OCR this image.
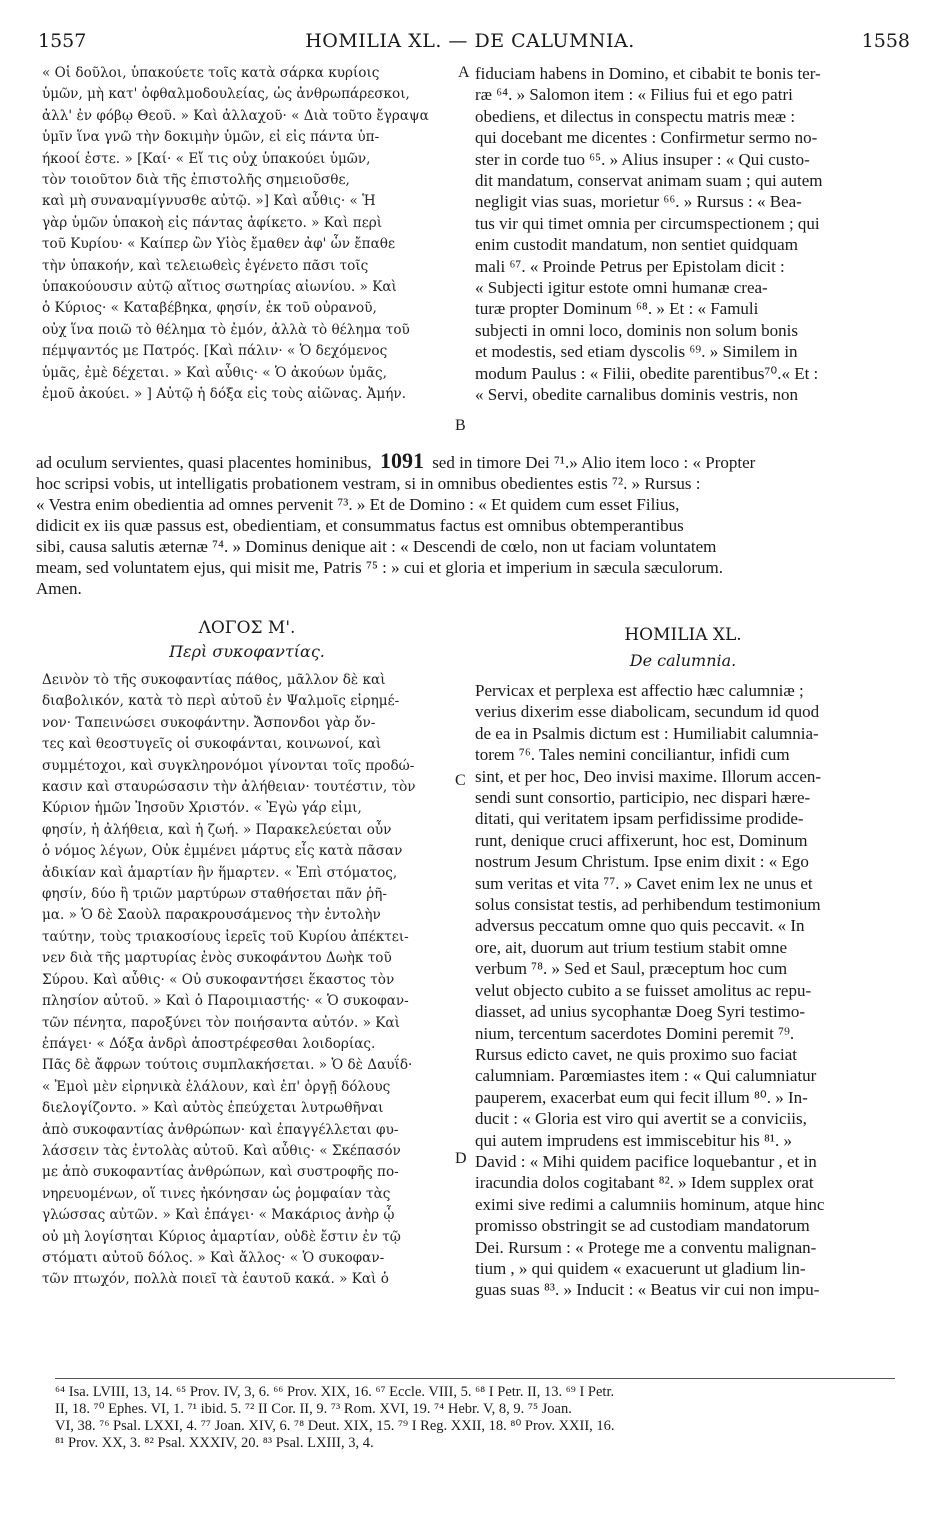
1557	HOMILIA XL. — DE CALUMNIA.	1558
« Οἱ δοῦλοι, ὑπακούετε τοῖς κατὰ σάρκα κυρίοις
ὑμῶν, μὴ κατ' ὀφθαλμοδουλείας, ὡς ἀνθρωπάρεσκοι,
ἀλλ' ἐν φόβῳ Θεοῦ. » Καὶ ἀλλαχοῦ· « Διὰ τοῦτο ἔγραψα
ὑμῖν ἵνα γνῶ τὴν δοκιμὴν ὑμῶν, εἰ εἰς πάντα ὑπ-
ήκοοί ἐστε. » [Καί· « Εἴ τις οὐχ ὑπακούει ὑμῶν,
τὸν τοιοῦτον διὰ τῆς ἐπιστολῆς σημειοῦσθε,
καὶ μὴ συναναμίγνυσθε αὐτῷ. »] Καὶ αὖθις· « Ἡ
γὰρ ὑμῶν ὑπακοὴ εἰς πάντας ἀφίκετο. » Καὶ περὶ
τοῦ Κυρίου· « Καίπερ ὢν Υἱὸς ἔμαθεν ἀφ' ὧν ἔπαθε
τὴν ὑπακοήν, καὶ τελειωθεὶς ἐγένετο πᾶσι τοῖς
ὑπακούουσιν αὐτῷ αἴτιος σωτηρίας αἰωνίου. » Καὶ
ὁ Κύριος· « Καταβέβηκα, φησίν, ἐκ τοῦ οὐρανοῦ,
οὐχ ἵνα ποιῶ τὸ θέλημα τὸ ἐμόν, ἀλλὰ τὸ θέλημα τοῦ
πέμψαντός με Πατρός. [Καὶ πάλιν· « Ὁ δεχόμενος
ὑμᾶς, ἐμὲ δέχεται. » Καὶ αὖθις· « Ὁ ἀκούων ὑμᾶς,
ἐμοῦ ἀκούει. » ] Αὐτῷ ἡ δόξα εἰς τοὺς αἰῶνας. Ἀμήν.
fiduciam habens in Domino, et cibabit te bonis ter-
ræ ⁶⁴. » Salomon item : « Filius fui et ego patri
obediens, et dilectus in conspectu matris meæ :
qui docebant me dicentes : Confirmetur sermo no-
ster in corde tuo ⁶⁵. » Alius insuper : « Qui custo-
dit mandatum, conservat animam suam ; qui autem
negligit vias suas, morietur ⁶⁶. » Rursus : « Bea-
tus vir qui timet omnia per circumspectionem ; qui
enim custodit mandatum, non sentiet quidquam
mali ⁶⁷. « Proinde Petrus per Epistolam dicit :
« Subjecti igitur estote omni humanæ crea-
turæ propter Dominum ⁶⁸. » Et : « Famuli
subjecti in omni loco, dominis non solum bonis
et modestis, sed etiam dyscolis ⁶⁹. » Similem in
modum Paulus : « Filii, obedite parentibus⁷⁰.« Et :
« Servi, obedite carnalibus dominis vestris, non
A
B
ad oculum servientes, quasi placentes hominibus, 1091 sed in timore Dei ⁷¹.» Alio item loco : « Propter
hoc scripsi vobis, ut intelligatis probationem vestram, si in omnibus obedientes estis ⁷². » Rursus :
« Vestra enim obedientia ad omnes pervenit ⁷³. » Et de Domino : « Et quidem cum esset Filius,
didicit ex iis quæ passus est, obedientiam, et consummatus factus est omnibus obtemperantibus
sibi, causa salutis æternæ ⁷⁴. » Dominus denique ait : « Descendi de cœlo, non ut faciam voluntatem
meam, sed voluntatem ejus, qui misit me, Patris ⁷⁵ : » cui et gloria et imperium in sæcula sæculorum.
Amen.
ΛΟΓΟΣ Μ'.
Περὶ συκοφαντίας.
HOMILIA XL.
De calumnia.
Δεινὸν τὸ τῆς συκοφαντίας πάθος, μᾶλλον δὲ καὶ
διαβολικόν, κατὰ τὸ περὶ αὐτοῦ ἐν Ψαλμοῖς εἰρημέ-
νον· Ταπεινώσει συκοφάντην. Ἄσπονδοι γὰρ ὄν-
τες καὶ θεοστυγεῖς οἱ συκοφάνται, κοινωνοί, καὶ
συμμέτοχοι, καὶ συγκληρονόμοι γίνονται τοῖς προδώ-
κασιν καὶ σταυρώσασιν τὴν ἀλήθειαν· τουτέστιν, τὸν
Κύριον ἡμῶν Ἰησοῦν Χριστόν. « Ἐγὼ γάρ εἰμι,
φησίν, ἡ ἀλήθεια, καὶ ἡ ζωή. » Παρακελεύεται οὖν
ὁ νόμος λέγων, Οὐκ ἐμμένει μάρτυς εἷς κατὰ πᾶσαν
ἀδικίαν καὶ ἁμαρτίαν ἣν ἥμαρτεν. « Ἐπὶ στόματος,
φησίν, δύο ἢ τριῶν μαρτύρων σταθήσεται πᾶν ῥῆ-
μα. » Ὁ δὲ Σαοὺλ παρακρουσάμενος τὴν ἐντολὴν
ταύτην, τοὺς τριακοσίους ἱερεῖς τοῦ Κυρίου ἀπέκτει-
νεν διὰ τῆς μαρτυρίας ἑνὸς συκοφάντου Δωὴκ τοῦ
Σύρου. Καὶ αὖθις· « Οὐ συκοφαντήσει ἕκαστος τὸν
πλησίον αὐτοῦ. » Καὶ ὁ Παροιμιαστής· « Ὁ συκοφαν-
τῶν πένητα, παροξύνει τὸν ποιήσαντα αὐτόν. » Καὶ
ἐπάγει· « Δόξα ἀνδρὶ ἀποστρέφεσθαι λοιδορίας.
Πᾶς δὲ ἄφρων τούτοις συμπλακήσεται. » Ὁ δὲ Δαυΐδ·
« Ἐμοὶ μὲν εἰρηνικὰ ἐλάλουν, καὶ ἐπ' ὀργῇ δόλους
διελογίζοντο. » Καὶ αὐτὸς ἐπεύχεται λυτρωθῆναι
ἀπὸ συκοφαντίας ἀνθρώπων· καὶ ἐπαγγέλλεται φυ-
λάσσειν τὰς ἐντολὰς αὐτοῦ. Καὶ αὖθις· « Σκέπασόν
με ἀπὸ συκοφαντίας ἀνθρώπων, καὶ συστροφῆς πο-
νηρευομένων, οἵ τινες ἠκόνησαν ὡς ῥομφαίαν τὰς
γλώσσας αὐτῶν. » Καὶ ἐπάγει· « Μακάριος ἀνὴρ ᾧ
οὐ μὴ λογίσηται Κύριος ἁμαρτίαν, οὐδὲ ἔστιν ἐν τῷ
στόματι αὐτοῦ δόλος. » Καὶ ἄλλος· « Ὁ συκοφαν-
τῶν πτωχόν, πολλὰ ποιεῖ τὰ ἑαυτοῦ κακά. » Καὶ ὁ
Pervicax et perplexa est affectio hæc calumniæ ;
verius dixerim esse diabolicam, secundum id quod
de ea in Psalmis dictum est : Humiliabit calumnia-
torem ⁷⁶. Tales nemini conciliantur, infidi cum
sint, et per hoc, Deo invisi maxime. Illorum accen-
sendi sunt consortio, participio, nec dispari hære-
ditati, qui veritatem ipsam perfidissime prodide-
runt, denique cruci affixerunt, hoc est, Dominum
nostrum Jesum Christum. Ipse enim dixit : « Ego
sum veritas et vita ⁷⁷. » Cavet enim lex ne unus et
solus consistat testis, ad perhibendum testimonium
adversus peccatum omne quo quis peccavit. « In
ore, ait, duorum aut trium testium stabit omne
verbum ⁷⁸. » Sed et Saul, præceptum hoc cum
velut objecto cubito a se fuisset amolitus ac repu-
diasset, ad unius sycophantæ Doeg Syri testimo-
nium, tercentum sacerdotes Domini peremit ⁷⁹.
Rursus edicto cavet, ne quis proximo suo faciat
calumniam. Parœmiastes item : « Qui calumniatur
pauperem, exacerbat eum qui fecit illum ⁸⁰. » In-
ducit : « Gloria est viro qui avertit se a conviciis,
qui autem imprudens est immiscebitur his ⁸¹. »
David : « Mihi quidem pacifice loquebantur , et in
iracundia dolos cogitabant ⁸². » Idem supplex orat
eximi sive redimi a calumniis hominum, atque hinc
promisso obstringit se ad custodiam mandatorum
Dei. Rursum : « Protege me a conventu malignan-
tium , » qui quidem « exacuerunt ut gladium lin-
guas suas ⁸³. » Inducit : « Beatus vir cui non impu-
C
D
⁶⁴ Isa. LVIII, 13, 14. ⁶⁵ Prov. IV, 3, 6. ⁶⁶ Prov. XIX, 16. ⁶⁷ Eccle. VIII, 5. ⁶⁸ I Petr. II, 13. ⁶⁹ I Petr.
II, 18. ⁷⁰ Ephes. VI, 1. ⁷¹ ibid. 5. ⁷² II Cor. II, 9. ⁷³ Rom. XVI, 19. ⁷⁴ Hebr. V, 8, 9. ⁷⁵ Joan.
VI, 38. ⁷⁶ Psal. LXXI, 4. ⁷⁷ Joan. XIV, 6. ⁷⁸ Deut. XIX, 15. ⁷⁹ I Reg. XXII, 18. ⁸⁰ Prov. XXII, 16.
⁸¹ Prov. XX, 3. ⁸² Psal. XXXIV, 20. ⁸³ Psal. LXIII, 3, 4.
